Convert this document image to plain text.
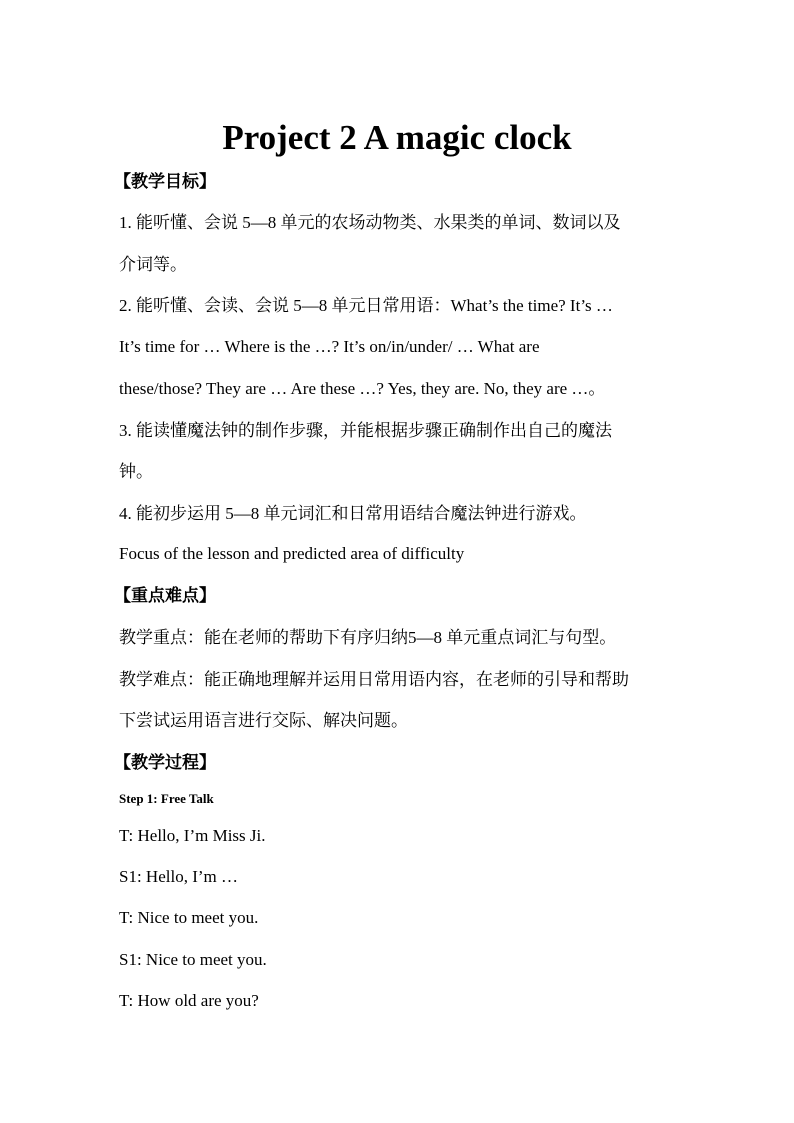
Project 2 A magic clock
【教学目标】
1. 能听懂、会说 5—8 单元的农场动物类、水果类的单词、数词以及
介词等。
2. 能听懂、会读、会说 5—8 单元日常用语：What’s the time? It’s …
It’s time for … Where is the …? It’s on/in/under/ … What are
these/those? They are … Are these …? Yes, they are. No, they are …。
3. 能读懂魔法钟的制作步骤，并能根据步骤正确制作出自己的魔法
钟。
4. 能初步运用 5—8 单元词汇和日常用语结合魔法钟进行游戏。
Focus of the lesson and predicted area of difficulty
【重点难点】
教学重点：能在老师的帮助下有序归纳5—8 单元重点词汇与句型。
教学难点：能正确地理解并运用日常用语内容，在老师的引导和帮助
下尝试运用语言进行交际、解决问题。
【教学过程】
Step 1: Free Talk
T: Hello, I’m Miss Ji.
S1: Hello, I’m …
T: Nice to meet you.
S1: Nice to meet you.
T: How old are you?
